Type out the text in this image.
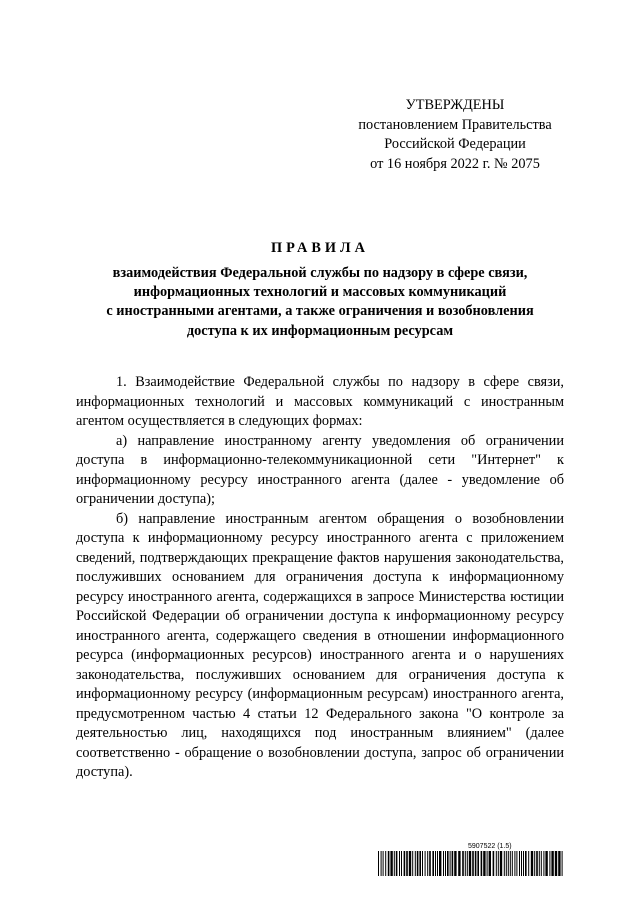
УТВЕРЖДЕНЫ
постановлением Правительства
Российской Федерации
от 16 ноября 2022 г. № 2075
ПРАВИЛА
взаимодействия Федеральной службы по надзору в сфере связи,
информационных технологий и массовых коммуникаций
с иностранными агентами, а также ограничения и возобновления
доступа к их информационным ресурсам

1. Взаимодействие Федеральной службы по надзору в сфере связи, информационных технологий и массовых коммуникаций с иностранным агентом осуществляется в следующих формах:

а) направление иностранному агенту уведомления об ограничении доступа в информационно-телекоммуникационной сети "Интернет" к информационному ресурсу иностранного агента (далее - уведомление об ограничении доступа);

б) направление иностранным агентом обращения о возобновлении доступа к информационному ресурсу иностранного агента с приложением сведений, подтверждающих прекращение фактов нарушения законодательства, послуживших основанием для ограничения доступа к информационному ресурсу иностранного агента, содержащихся в запросе Министерства юстиции Российской Федерации об ограничении доступа к информационному ресурсу иностранного агента, содержащего сведения в отношении информационного ресурса (информационных ресурсов) иностранного агента и о нарушениях законодательства, послуживших основанием для ограничения доступа к информационному ресурсу (информационным ресурсам) иностранного агента, предусмотренном частью 4 статьи 12 Федерального закона "О контроле за деятельностью лиц, находящихся под иностранным влиянием" (далее соответственно - обращение о возобновлении доступа, запрос об ограничении доступа).

5907522 (1.5)
